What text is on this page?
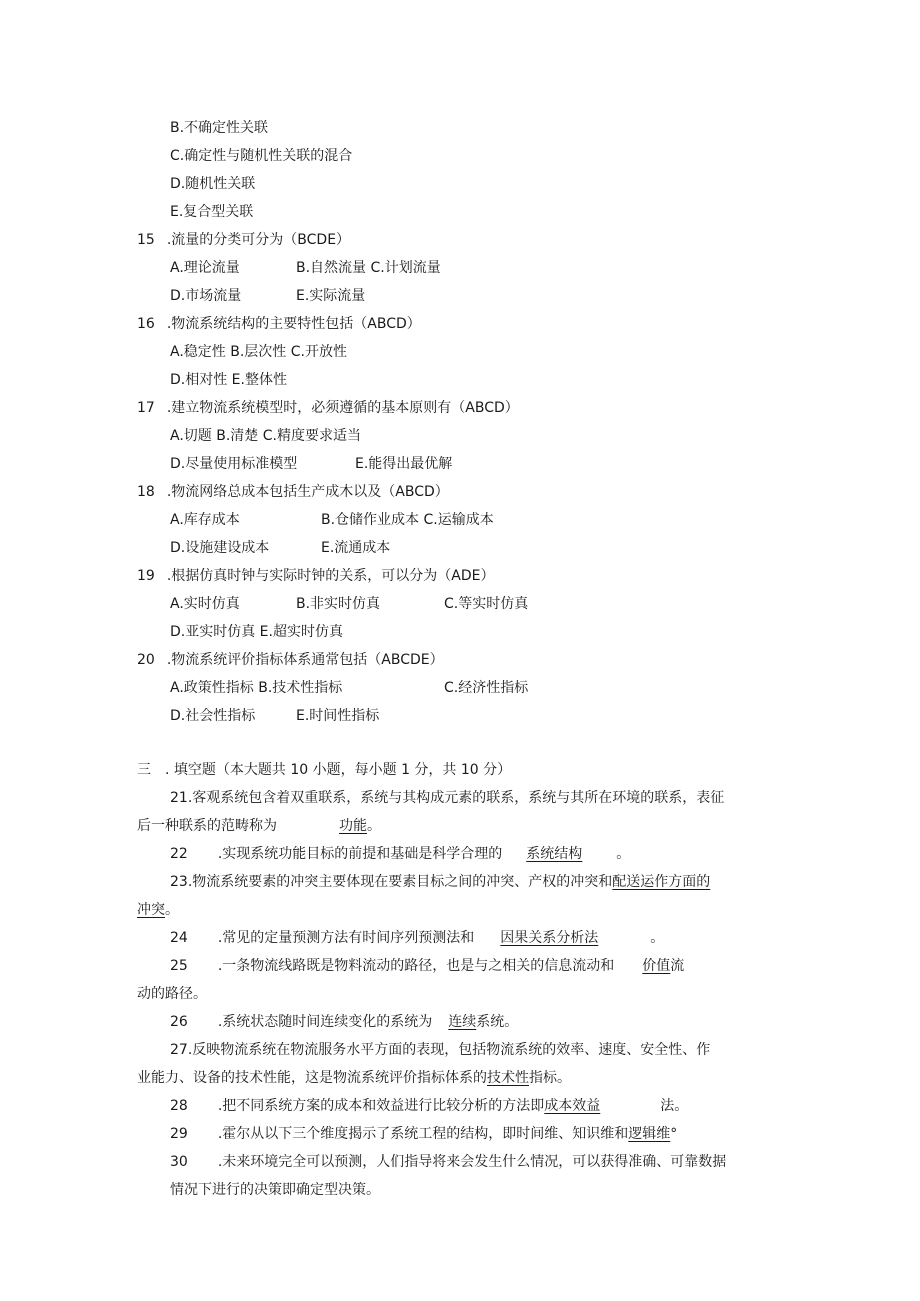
B.不确定性关联
C.确定性与随机性关联的混合
D.随机性关联
E.复合型关联
15 .流量的分类可分为（BCDE）
A.理论流量	B.自然流量 C.计划流量
D.市场流量	E.实际流量
16 .物流系统结构的主要特性包括（ABCD）
A.稳定性 B.层次性 C.开放性
D.相对性 E.整体性
17 .建立物流系统模型时，必须遵循的基本原则有（ABCD）
A.切题 B.清楚 C.精度要求适当
D.尽量使用标准模型	E.能得出最优解
18 .物流网络总成本包括生产成木以及（ABCD）
A.库存成本	B.仓储作业成本 C.运输成本
D.设施建设成本	E.流通成本
19 .根据仿真时钟与实际时钟的关系，可以分为（ADE）
A.实时仿真	B.非实时仿真	C.等实时仿真
D.亚实时仿真 E.超实时仿真
20 .物流系统评价指标体系通常包括（ABCDE）
A.政策性指标 B.技术性指标	C.经济性指标
D.社会性指标	E.时间性指标
三 . 填空题（本大题共 10 小题，每小题 1 分，共 10 分）
21.客观系统包含着双重联系，系统与其构成元素的联系，系统与其所在环境的联系，表征
后一种联系的范畴称为	功能。
22 .实现系统功能目标的前提和基础是科学合理的 系统结构 。
23.物流系统要素的冲突主要体现在要素目标之间的冲突、产权的冲突和配送运作方面的
冲突。
24 .常见的定量预测方法有时间序列预测法和 因果关系分析法	。
25 .一条物流线路既是物料流动的路径，也是与之相关的信息流动和 价值流
动的路径。
26 .系统状态随时间连续变化的系统为 连续系统。
27.反映物流系统在物流服务水平方面的表现，包括物流系统的效率、速度、安全性、作
业能力、设备的技术性能，这是物流系统评价指标体系的技术性指标。
28 .把不同系统方案的成本和效益进行比较分析的方法即成本效益	法。
29 .霍尔从以下三个维度揭示了系统工程的结构，即时间维、知识维和逻辑维°
30 .未来环境完全可以预测，人们指导将来会发生什么情况，可以获得准确、可靠数据
情况下进行的决策即确定型决策。
